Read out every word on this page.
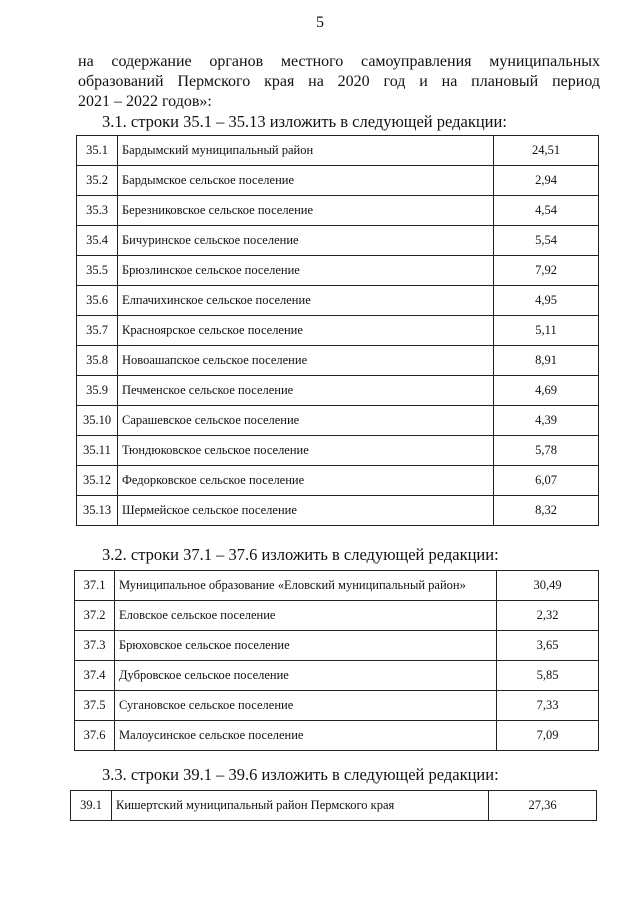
5
на содержание органов местного самоуправления муниципальных
образований Пермского края на 2020 год и на плановый период
2021 – 2022 годов»:
3.1. строки 35.1 – 35.13 изложить в следующей редакции:
35.1	Бардымский муниципальный район	24,51
35.2	Бардымское сельское поселение	2,94
35.3	Березниковское сельское поселение	4,54
35.4	Бичуринское сельское поселение	5,54
35.5	Брюзлинское сельское поселение	7,92
35.6	Елпачихинское сельское поселение	4,95
35.7	Красноярское сельское поселение	5,11
35.8	Новоашапское сельское поселение	8,91
35.9	Печменское сельское поселение	4,69
35.10	Сарашевское сельское поселение	4,39
35.11	Тюндюковское сельское поселение	5,78
35.12	Федорковское сельское поселение	6,07
35.13	Шермейское сельское поселение	8,32
3.2. строки 37.1 – 37.6 изложить в следующей редакции:
37.1	Муниципальное образование «Еловский муниципальный район»	30,49
37.2	Еловское сельское поселение	2,32
37.3	Брюховское сельское поселение	3,65
37.4	Дубровское сельское поселение	5,85
37.5	Сугановское сельское поселение	7,33
37.6	Малоусинское сельское поселение	7,09
3.3. строки 39.1 – 39.6 изложить в следующей редакции:
39.1	Кишертский муниципальный район Пермского края	27,36
